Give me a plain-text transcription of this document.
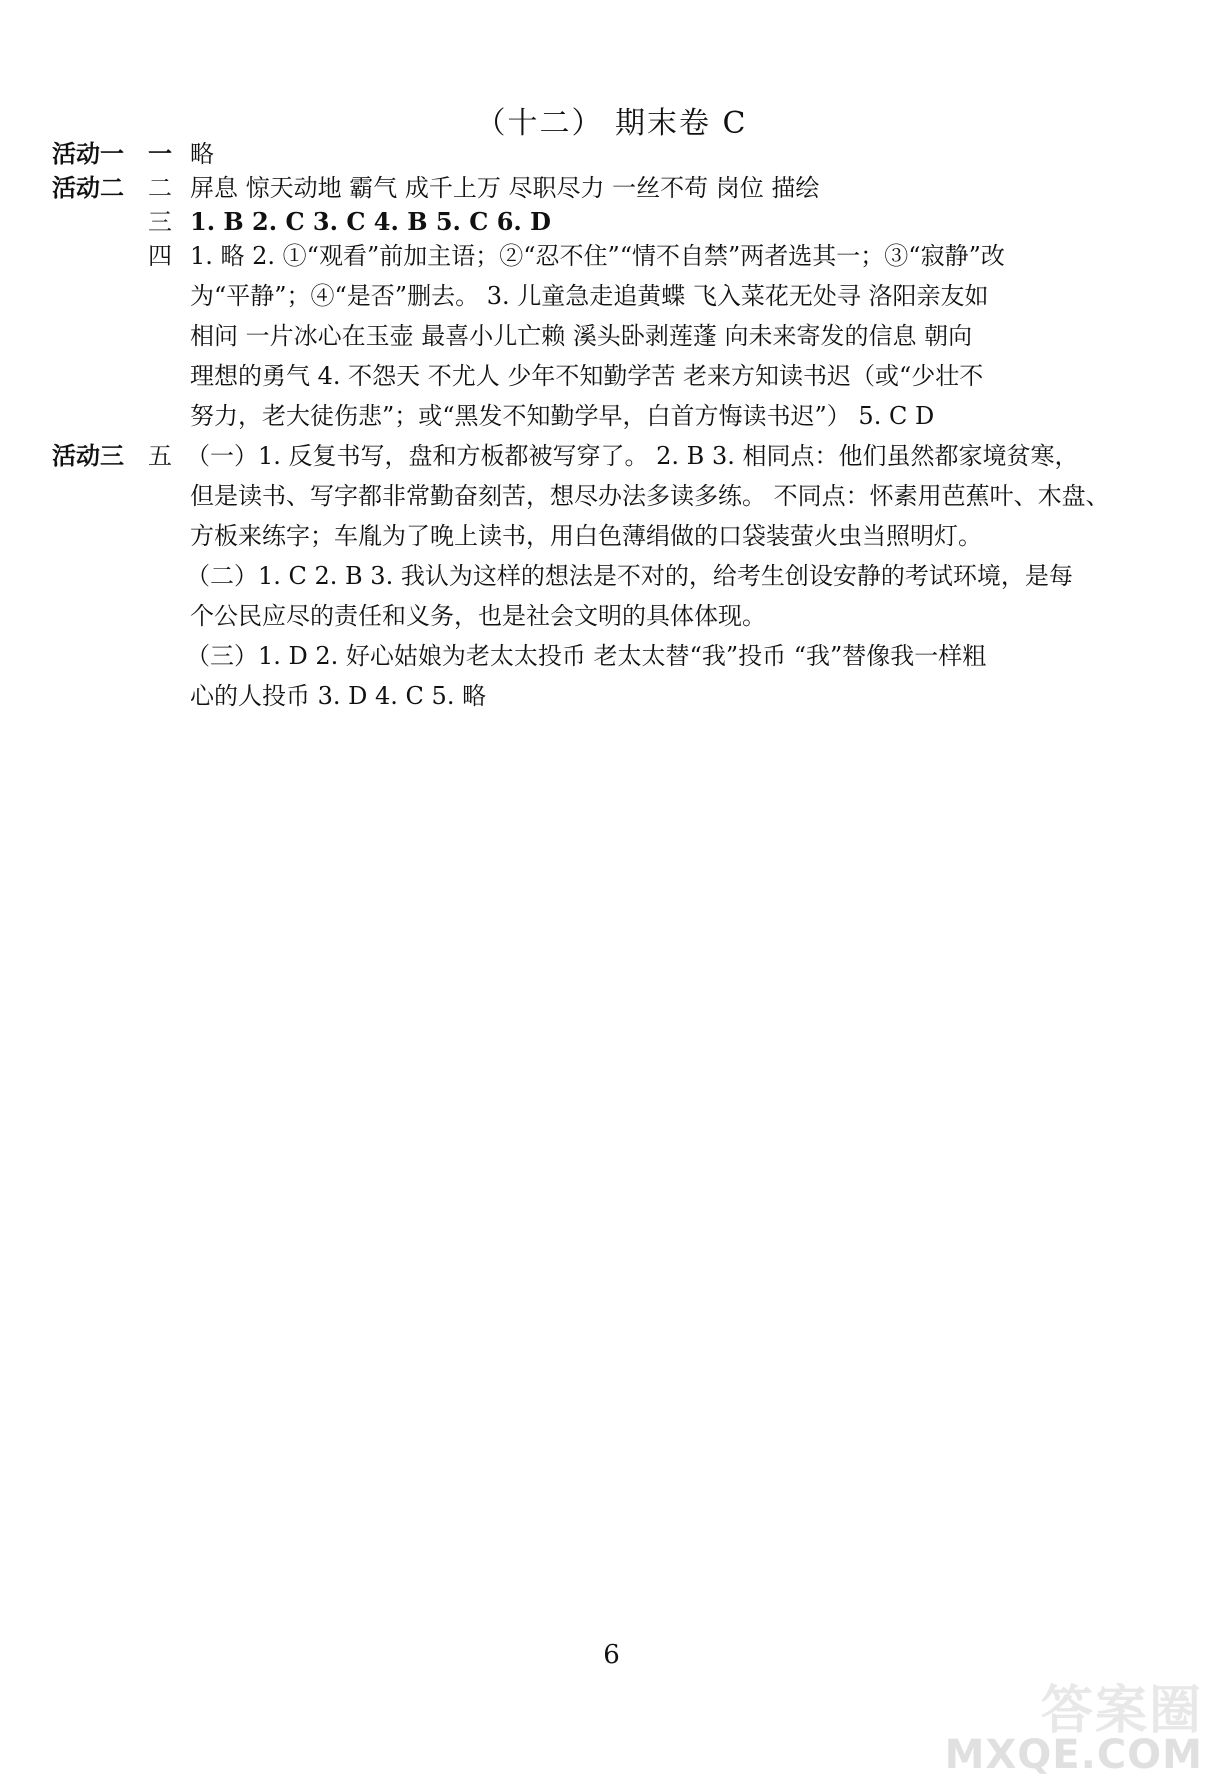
（十二） 期末卷 C
活动一 一 略
活动二 二 屏息 惊天动地 霸气 成千上万 尽职尽力 一丝不苟 岗位 描绘
三 1. B 2. C 3. C 4. B 5. C 6. D
四 1. 略 2. ①“观看”前加主语；②“忍不住”“情不自禁”两者选其一；③“寂静”改
为“平静”；④“是否”删去。 3. 儿童急走追黄蝶 飞入菜花无处寻 洛阳亲友如
相问 一片冰心在玉壶 最喜小儿亡赖 溪头卧剥莲蓬 向未来寄发的信息 朝向
理想的勇气 4. 不怨天 不尤人 少年不知勤学苦 老来方知读书迟（或“少壮不
努力，老大徒伤悲”；或“黑发不知勤学早，白首方悔读书迟”） 5. C D
活动三 五 （一）1. 反复书写，盘和方板都被写穿了。 2. B 3. 相同点：他们虽然都家境贫寒，
但是读书、写字都非常勤奋刻苦，想尽办法多读多练。 不同点：怀素用芭蕉叶、木盘、
方板来练字；车胤为了晚上读书，用白色薄绢做的口袋装萤火虫当照明灯。
（二）1. C 2. B 3. 我认为这样的想法是不对的，给考生创设安静的考试环境，是每
个公民应尽的责任和义务，也是社会文明的具体体现。
（三）1. D 2. 好心姑娘为老太太投币 老太太替“我”投币 “我”替像我一样粗
心的人投币 3. D 4. C 5. 略
6
答案圈
MXQE.COM
